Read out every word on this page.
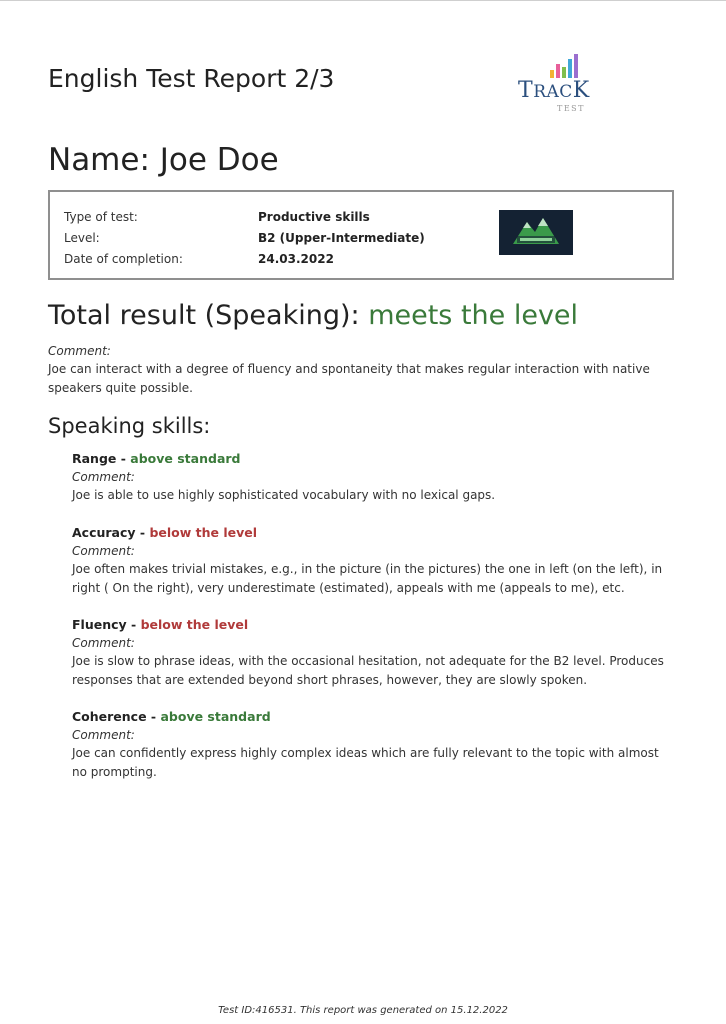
English Test Report 2/3	TRACK
TEST
Name: Joe Doe
Type of test:	Productive skills
Level:	B2 (Upper-Intermediate)
Date of completion:	24.03.2022
Total result (Speaking): meets the level
Comment:
Joe can interact with a degree of fluency and spontaneity that makes regular interaction with native speakers quite possible.
Speaking skills:
Range - above standard
Comment:
Joe is able to use highly sophisticated vocabulary with no lexical gaps.
Accuracy - below the level
Comment:
Joe often makes trivial mistakes, e.g., in the picture (in the pictures) the one in left (on the left), in right ( On the right), very underestimate (estimated), appeals with me (appeals to me), etc.
Fluency - below the level
Comment:
Joe is slow to phrase ideas, with the occasional hesitation, not adequate for the B2 level. Produces responses that are extended beyond short phrases, however, they are slowly spoken.
Coherence - above standard
Comment:
Joe can confidently express highly complex ideas which are fully relevant to the topic with almost no prompting.
Test ID:416531. This report was generated on 15.12.2022
